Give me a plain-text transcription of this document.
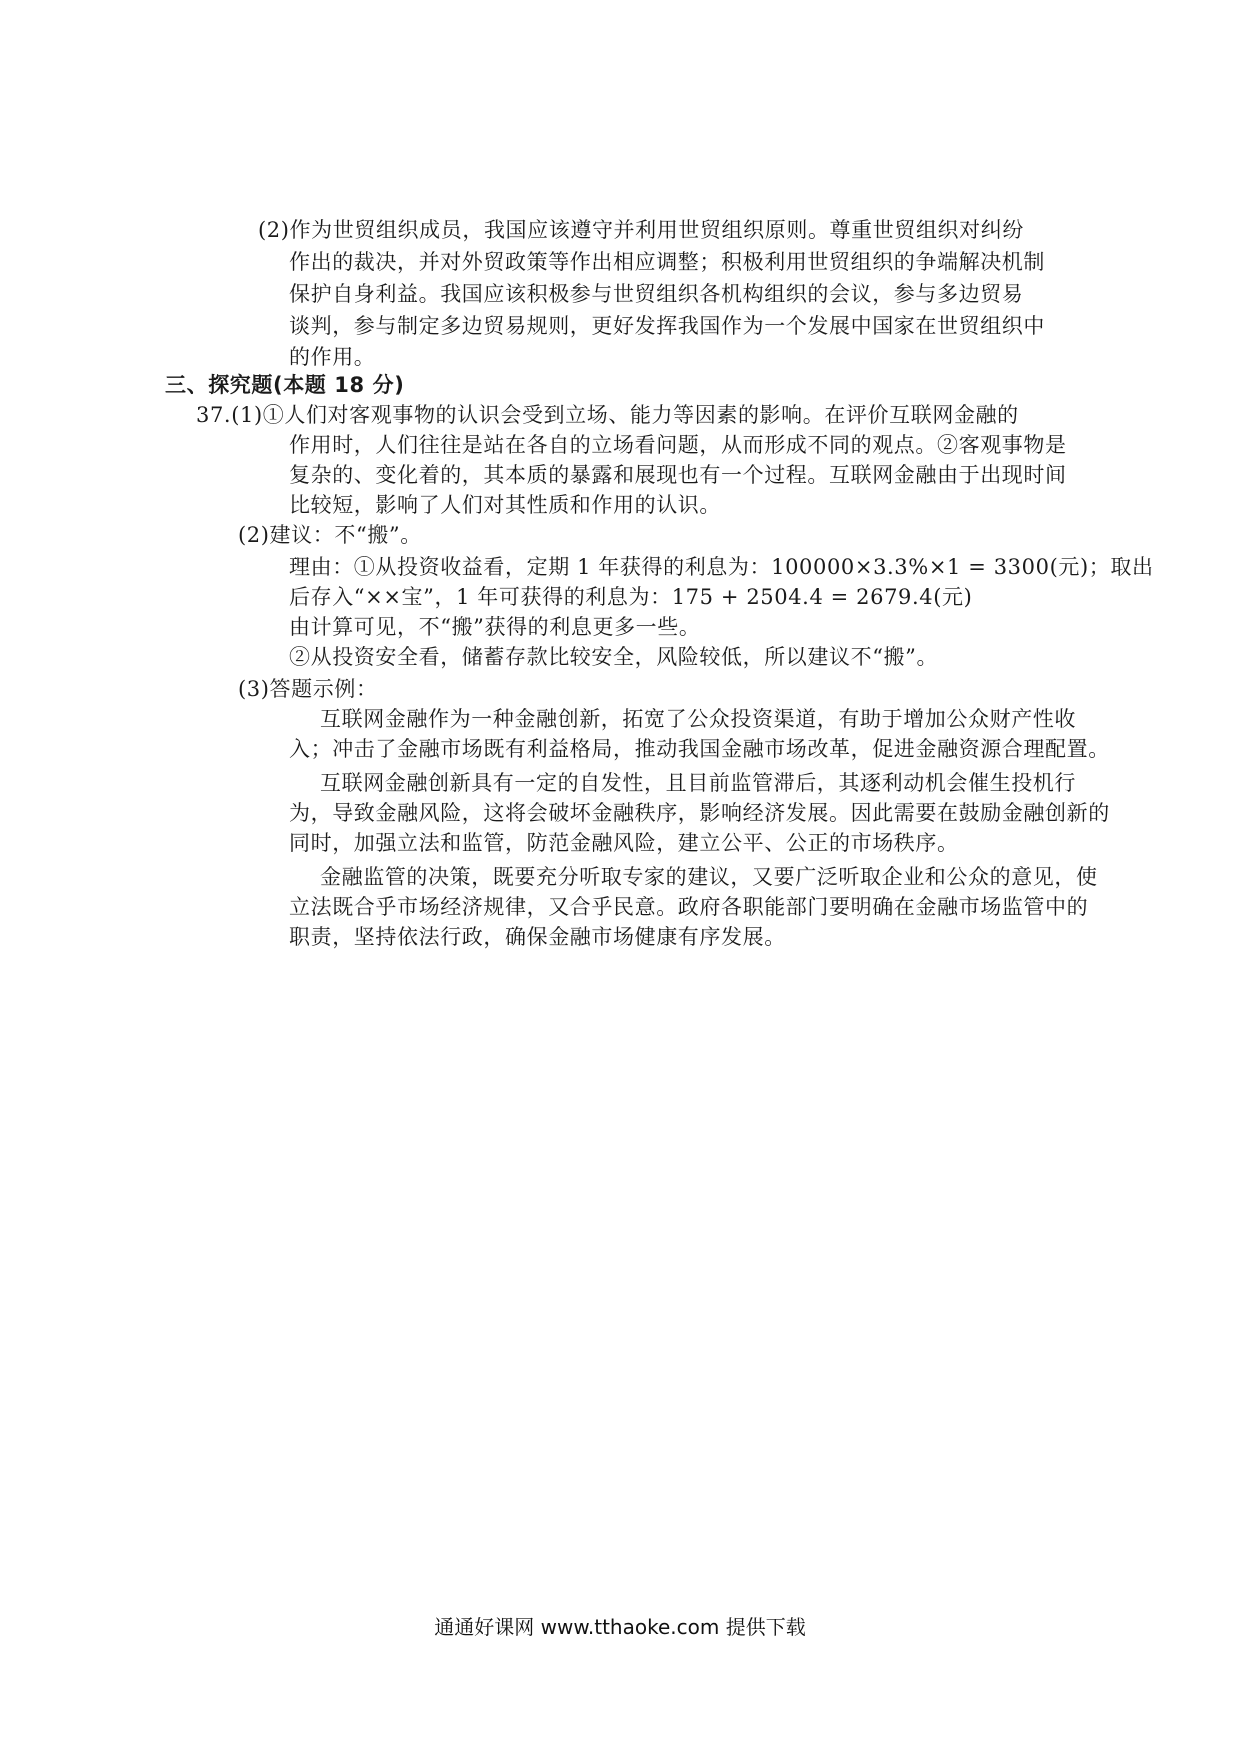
(2)作为世贸组织成员，我国应该遵守并利用世贸组织原则。尊重世贸组织对纠纷
作出的裁决，并对外贸政策等作出相应调整；积极利用世贸组织的争端解决机制
保护自身利益。我国应该积极参与世贸组织各机构组织的会议，参与多边贸易
谈判，参与制定多边贸易规则，更好发挥我国作为一个发展中国家在世贸组织中
的作用。
三、探究题(本题 18 分)
37.(1)①人们对客观事物的认识会受到立场、能力等因素的影响。在评价互联网金融的
作用时，人们往往是站在各自的立场看问题，从而形成不同的观点。②客观事物是
复杂的、变化着的，其本质的暴露和展现也有一个过程。互联网金融由于出现时间
比较短，影响了人们对其性质和作用的认识。
(2)建议：不“搬”。
理由：①从投资收益看，定期 1 年获得的利息为：100000×3.3%×1 = 3300(元)；取出
后存入“××宝”，1 年可获得的利息为：175 + 2504.4 = 2679.4(元)
由计算可见，不“搬”获得的利息更多一些。
②从投资安全看，储蓄存款比较安全，风险较低，所以建议不“搬”。
(3)答题示例：
互联网金融作为一种金融创新，拓宽了公众投资渠道，有助于增加公众财产性收
入；冲击了金融市场既有利益格局，推动我国金融市场改革，促进金融资源合理配置。
互联网金融创新具有一定的自发性，且目前监管滞后，其逐利动机会催生投机行
为，导致金融风险，这将会破坏金融秩序，影响经济发展。因此需要在鼓励金融创新的
同时，加强立法和监管，防范金融风险，建立公平、公正的市场秩序。
金融监管的决策，既要充分听取专家的建议，又要广泛听取企业和公众的意见，使
立法既合乎市场经济规律，又合乎民意。政府各职能部门要明确在金融市场监管中的
职责，坚持依法行政，确保金融市场健康有序发展。
通通好课网 www.tthaoke.com 提供下载
